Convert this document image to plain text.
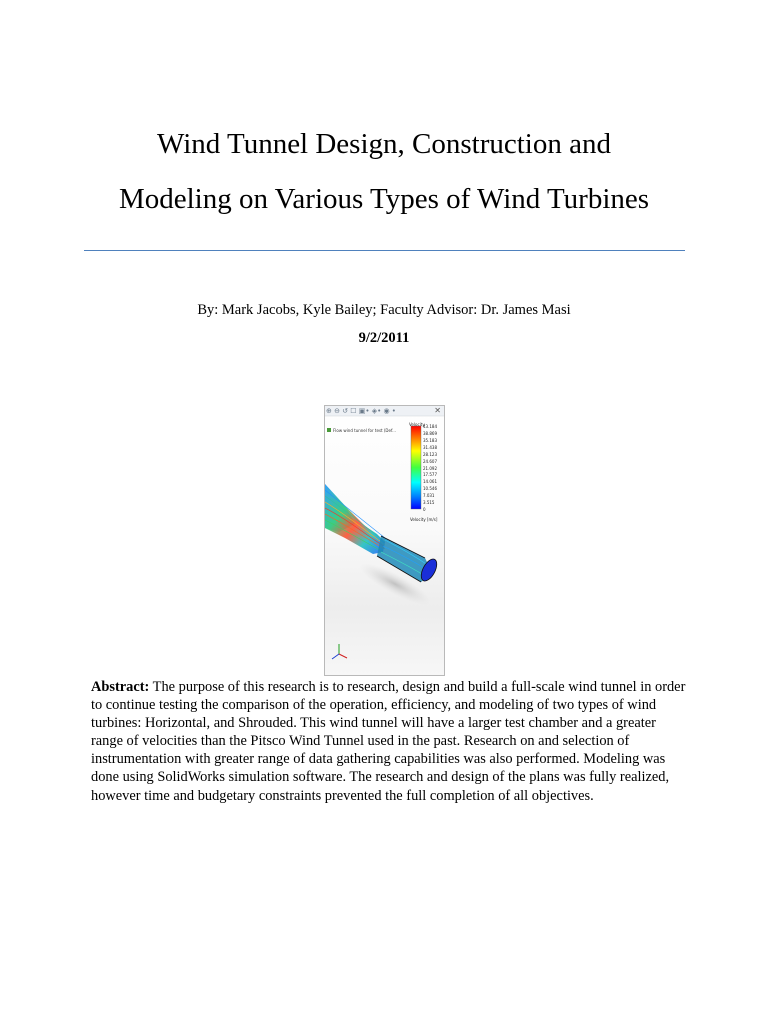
Wind Tunnel Design, Construction and
Modeling on Various Types of Wind Turbines
By: Mark Jacobs, Kyle Bailey; Faculty Advisor: Dr. James Masi
9/2/2011
⊕ ⊖ ↺ ☐ ▣• ◈• ◉ •	✕
Flow wind tunnel for test (Def...
Velocity
43.184
38.869
35.183
31.438
28.123
24.607
21.092
17.577
14.061
10.546
7.031
3.515
0
Velocity [m/s]
Abstract: The purpose of this research is to research, design and build a full-scale wind tunnel in order to continue testing the comparison of the operation, efficiency, and modeling of two types of wind turbines: Horizontal, and Shrouded. This wind tunnel will have a larger test chamber and a greater range of velocities than the Pitsco Wind Tunnel used in the past. Research on and selection of instrumentation with greater range of data gathering capabilities was also performed. Modeling was done using SolidWorks simulation software. The research and design of the plans was fully realized, however time and budgetary constraints prevented the full completion of all objectives.
